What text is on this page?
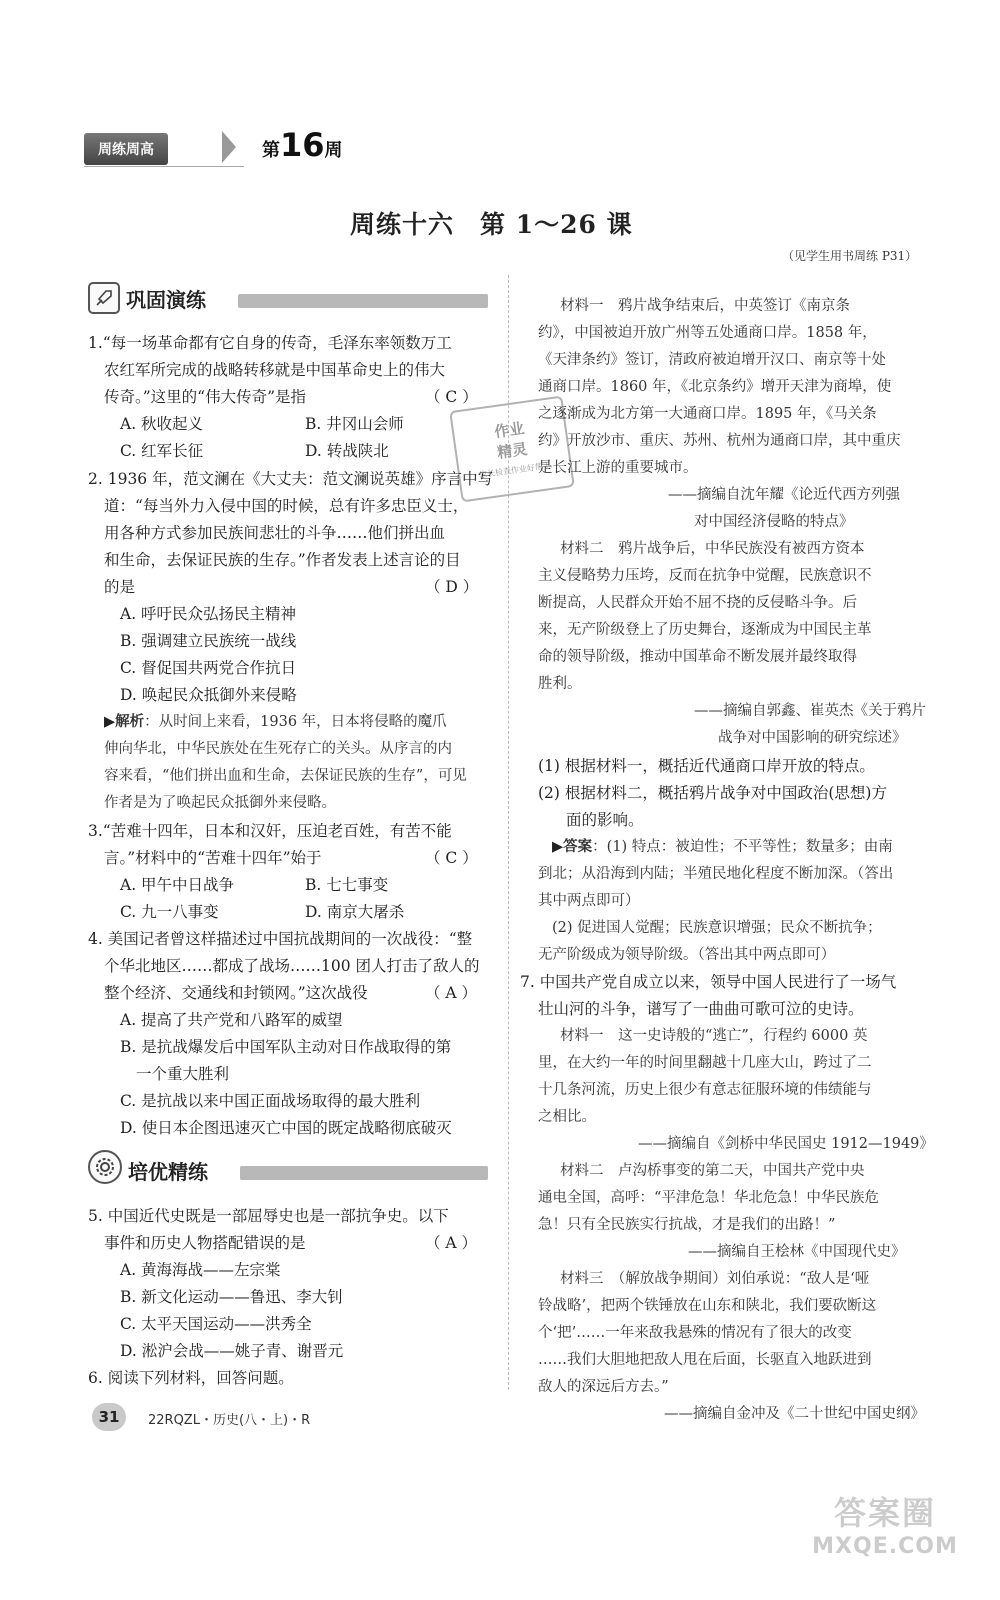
周练周高	第16周
周练十六　第 1～26 课
（见学生用书周练 P31）
巩固演练
作业
精灵
家长检查作业好帮手
1.“每一场革命都有它自身的传奇，毛泽东率领数万工
农红军所完成的战略转移就是中国革命史上的伟大
传奇。”这里的“伟大传奇”是指	（ C ）
A. 秋收起义	B. 井冈山会师
C. 红军长征	D. 转战陕北
2. 1936 年，范文澜在《大丈夫：范文澜说英雄》序言中写
道：“每当外力入侵中国的时候，总有许多忠臣义士，
用各种方式参加民族间悲壮的斗争……他们拼出血
和生命，去保证民族的生存。”作者发表上述言论的目
的是	（ D ）
A. 呼吁民众弘扬民主精神
B. 强调建立民族统一战线
C. 督促国共两党合作抗日
D. 唤起民众抵御外来侵略
▶解析：从时间上来看，1936 年，日本将侵略的魔爪
伸向华北，中华民族处在生死存亡的关头。从序言的内
容来看，“他们拼出血和生命，去保证民族的生存”，可见
作者是为了唤起民众抵御外来侵略。
3.“苦难十四年，日本和汉奸，压迫老百姓，有苦不能
言。”材料中的“苦难十四年”始于	（ C ）
A. 甲午中日战争	B. 七七事变
C. 九一八事变	D. 南京大屠杀
4. 美国记者曾这样描述过中国抗战期间的一次战役：“整
个华北地区……都成了战场……100 团人打击了敌人的
整个经济、交通线和封锁网。”这次战役	（ A ）
A. 提高了共产党和八路军的威望
B. 是抗战爆发后中国军队主动对日作战取得的第
一个重大胜利
C. 是抗战以来中国正面战场取得的最大胜利
D. 使日本企图迅速灭亡中国的既定战略彻底破灭
培优精练
5. 中国近代史既是一部屈辱史也是一部抗争史。以下
事件和历史人物搭配错误的是	（ A ）
A. 黄海海战——左宗棠
B. 新文化运动——鲁迅、李大钊
C. 太平天国运动——洪秀全
D. 淞沪会战——姚子青、谢晋元
6. 阅读下列材料，回答问题。
材料一　鸦片战争结束后，中英签订《南京条
约》，中国被迫开放广州等五处通商口岸。1858 年，
《天津条约》签订，清政府被迫增开汉口、南京等十处
通商口岸。1860 年，《北京条约》增开天津为商埠，使
之逐渐成为北方第一大通商口岸。1895 年，《马关条
约》开放沙市、重庆、苏州、杭州为通商口岸，其中重庆
是长江上游的重要城市。
——摘编自沈年耀《论近代西方列强
对中国经济侵略的特点》
材料二　鸦片战争后，中华民族没有被西方资本
主义侵略势力压垮，反而在抗争中觉醒，民族意识不
断提高，人民群众开始不屈不挠的反侵略斗争。后
来，无产阶级登上了历史舞台，逐渐成为中国民主革
命的领导阶级，推动中国革命不断发展并最终取得
胜利。
——摘编自郭鑫、崔英杰《关于鸦片
战争对中国影响的研究综述》
(1) 根据材料一，概括近代通商口岸开放的特点。
(2) 根据材料二，概括鸦片战争对中国政治(思想)方
面的影响。
▶答案：(1) 特点：被迫性；不平等性；数量多；由南
到北；从沿海到内陆；半殖民地化程度不断加深。（答出
其中两点即可）
(2) 促进国人觉醒；民族意识增强；民众不断抗争；
无产阶级成为领导阶级。（答出其中两点即可）
7. 中国共产党自成立以来，领导中国人民进行了一场气
壮山河的斗争，谱写了一曲曲可歌可泣的史诗。
材料一　这一史诗般的“逃亡”，行程约 6000 英
里，在大约一年的时间里翻越十几座大山，跨过了二
十几条河流，历史上很少有意志征服环境的伟绩能与
之相比。
——摘编自《剑桥中华民国史 1912—1949》
材料二　卢沟桥事变的第二天，中国共产党中央
通电全国，高呼：“平津危急！华北危急！中华民族危
急！只有全民族实行抗战，才是我们的出路！”
——摘编自王桧林《中国现代史》
材料三　（解放战争期间）刘伯承说：“敌人是‘哑
铃战略’，把两个铁锤放在山东和陕北，我们要砍断这
个‘把’……一年来敌我悬殊的情况有了很大的改变
……我们大胆地把敌人甩在后面，长驱直入地跃进到
敌人的深远后方去。”
——摘编自金冲及《二十世纪中国史纲》
31 22RQZL・历史(八・上)・R
答案圈
MXQE.COM
